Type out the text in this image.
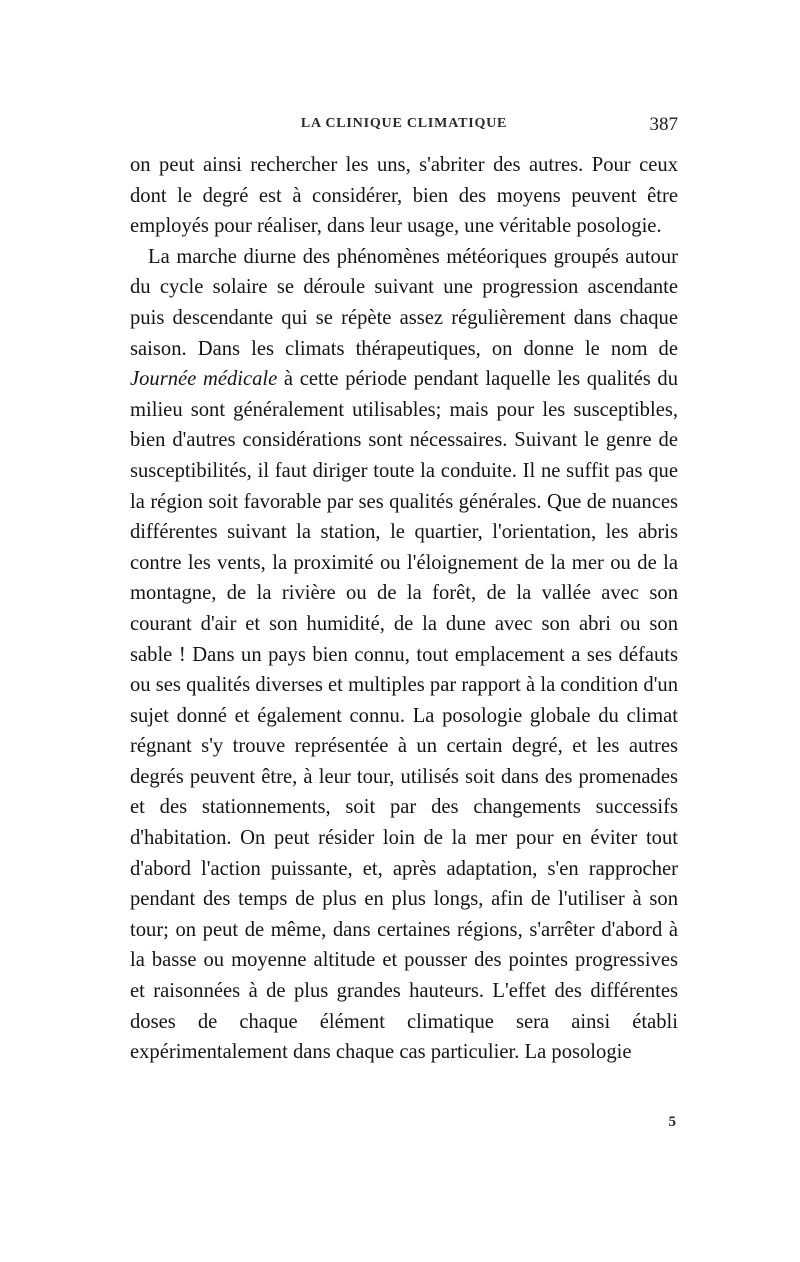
LA CLINIQUE CLIMATIQUE	387

on peut ainsi rechercher les uns, s'abriter des autres. Pour ceux dont le degré est à considérer, bien des moyens peuvent être employés pour réaliser, dans leur usage, une véritable posologie.

La marche diurne des phénomènes météoriques groupés autour du cycle solaire se déroule suivant une progression ascendante puis descendante qui se répète assez régulièrement dans chaque saison. Dans les climats thérapeutiques, on donne le nom de Journée médicale à cette période pendant laquelle les qualités du milieu sont généralement utilisables; mais pour les susceptibles, bien d'autres considérations sont nécessaires. Suivant le genre de susceptibilités, il faut diriger toute la conduite. Il ne suffit pas que la région soit favorable par ses qualités générales. Que de nuances différentes suivant la station, le quartier, l'orientation, les abris contre les vents, la proximité ou l'éloignement de la mer ou de la montagne, de la rivière ou de la forêt, de la vallée avec son courant d'air et son humidité, de la dune avec son abri ou son sable ! Dans un pays bien connu, tout emplacement a ses défauts ou ses qualités diverses et multiples par rapport à la condition d'un sujet donné et également connu. La posologie globale du climat régnant s'y trouve représentée à un certain degré, et les autres degrés peuvent être, à leur tour, utilisés soit dans des promenades et des stationnements, soit par des changements successifs d'habitation. On peut résider loin de la mer pour en éviter tout d'abord l'action puissante, et, après adaptation, s'en rapprocher pendant des temps de plus en plus longs, afin de l'utiliser à son tour; on peut de même, dans certaines régions, s'arrêter d'abord à la basse ou moyenne altitude et pousser des pointes progressives et raisonnées à de plus grandes hauteurs. L'effet des différentes doses de chaque élément climatique sera ainsi établi expérimentalement dans chaque cas particulier. La posologie

5
